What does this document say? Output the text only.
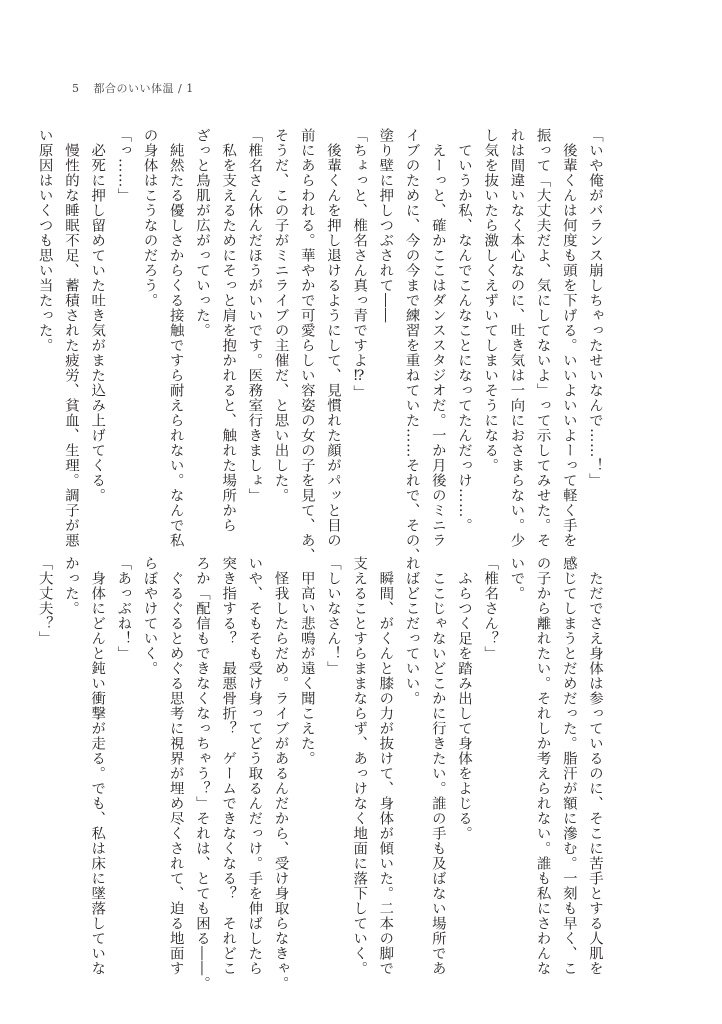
5 都合のいい体温 / 1
「いや俺がバランス崩しちゃったせいなんで……！」
　後輩くんは何度も頭を下げる。いいよいいよーって軽く手を
振って「大丈夫だよ、気にしてないよ」って示してみせた。そ
れは間違いなく本心なのに、吐き気は一向におさまらない。少
し気を抜いたら激しくえずいてしまいそうになる。
　ていうか私、なんでこんなことになってたんだっけ……。
　えーっと、確かここはダンススタジオだ。一か月後のミニラ
イブのために、今の今まで練習を重ねていた……それで、その、
塗り壁に押しつぶされて――
「ちょっと、椎名さん真っ青ですよ⁉」
　後輩くんを押し退けるようにして、見慣れた顔がパッと目の
前にあらわれる。華やかで可愛らしい容姿の女の子を見て、あ、
そうだ、この子がミニライブの主催だ、と思い出した。
「椎名さん休んだほうがいいです。医務室行きましょ」
　私を支えるためにそっと肩を抱かれると、触れた場所から
ざっと鳥肌が広がっていった。
　純然たる優しさからくる接触ですら耐えられない。なんで私
の身体はこうなのだろう。
「っ……」
　必死に押し留めていた吐き気がまた込み上げてくる。
　慢性的な睡眠不足、蓄積された疲労、貧血、生理。調子が悪
い原因はいくつも思い当たった。
　ただでさえ身体は参っているのに、そこに苦手とする人肌を
感じてしまうとだめだった。脂汗が額に滲む。一刻も早く、こ
の子から離れたい。それしか考えられない。誰も私にさわんな
いで。
「椎名さん？」
　ふらつく足を踏み出して身体をよじる。
　ここじゃないどこかに行きたい。誰の手も及ばない場所であ
ればどこだっていい。
　瞬間、がくんと膝の力が抜けて、身体が傾いた。二本の脚で
支えることすらままならず、あっけなく地面に落下していく。
「しいなさん！」
　甲高い悲鳴が遠く聞こえた。
　怪我したらだめ。ライブがあるんだから、受け身取らなきゃ。
いや、そもそも受け身ってどう取るんだっけ。手を伸ばしたら
突き指する？　最悪骨折？　ゲームできなくなる？　それどこ
ろか「配信もできなくなっちゃう？」それは、とても困る――。
　ぐるぐるとめぐる思考に視界が埋め尽くされて、迫る地面す
らぼやけていく。
「あっぶね！」
　身体にどんと鈍い衝撃が走る。でも、私は床に墜落していな
かった。
「大丈夫？」
